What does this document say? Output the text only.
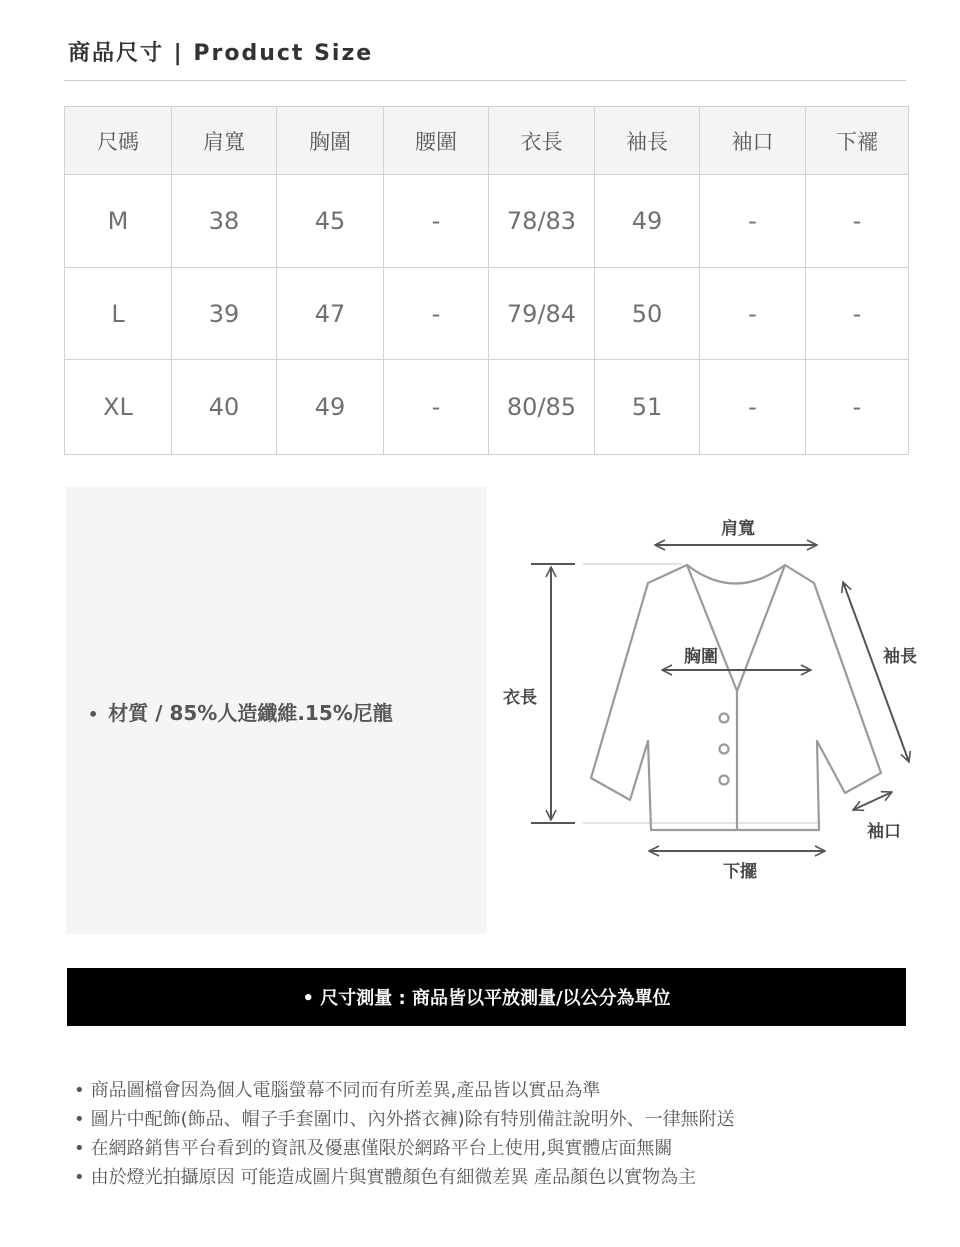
商品尺寸 | Product Size
尺碼	肩寬	胸圍	腰圍	衣長	袖長	袖口	下襬
M	38	45	-	78/83	49	-	-
L	39	47	-	79/84	50	-	-
XL	40	49	-	80/85	51	-	-
• 材質 / 85%人造纖維.15%尼龍
肩寬
胸圍
衣長
袖長
袖口
下擺
• 尺寸測量 : 商品皆以平放測量/以公分為單位
• 商品圖檔會因為個人電腦螢幕不同而有所差異,產品皆以實品為準
• 圖片中配飾(飾品、帽子手套圍巾、內外搭衣褲)除有特別備註說明外、一律無附送
• 在網路銷售平台看到的資訊及優惠僅限於網路平台上使用,與實體店面無關
• 由於燈光拍攝原因 可能造成圖片與實體顏色有細微差異 產品顏色以實物為主
